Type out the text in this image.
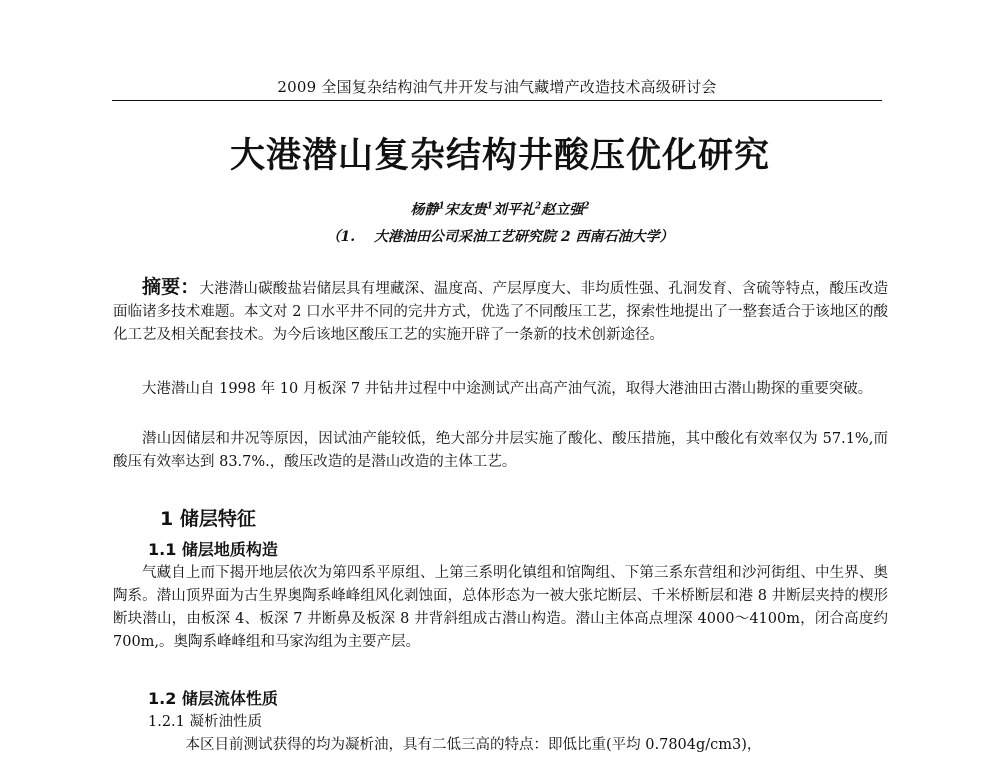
2009 全国复杂结构油气井开发与油气藏增产改造技术高级研讨会
大港潜山复杂结构井酸压优化研究
杨静$^1$宋友贵$^1$刘平礼$^2$赵立强$^2$
（1.　 大港油田公司采油工艺研究院 2 西南石油大学）
摘要：大港潜山碳酸盐岩储层具有埋藏深、温度高、产层厚度大、非均质性强、孔洞发育、含硫等特点，酸压改造面临诸多技术难题。本文对 2 口水平井不同的完井方式，优选了不同酸压工艺，探索性地提出了一整套适合于该地区的酸化工艺及相关配套技术。为今后该地区酸压工艺的实施开辟了一条新的技术创新途径。
大港潜山自 1998 年 10 月板深 7 井钻井过程中中途测试产出高产油气流，取得大港油田古潜山勘探的重要突破。
潜山因储层和井况等原因，因试油产能较低，绝大部分井层实施了酸化、酸压措施，其中酸化有效率仅为 57.1%,而酸压有效率达到 83.7%.，酸压改造的是潜山改造的主体工艺。
1 储层特征
1.1 储层地质构造
气藏自上而下揭开地层依次为第四系平原组、上第三系明化镇组和馆陶组、下第三系东营组和沙河街组、中生界、奥陶系。潜山顶界面为古生界奥陶系峰峰组风化剥蚀面，总体形态为一被大张坨断层、千米桥断层和港 8 井断层夹持的楔形断块潜山，由板深 4、板深 7 井断鼻及板深 8 井背斜组成古潜山构造。潜山主体高点埋深 4000～4100m，闭合高度约 700m,。奥陶系峰峰组和马家沟组为主要产层。
1.2 储层流体性质
1.2.1 凝析油性质
本区目前测试获得的均为凝析油，具有二低三高的特点：即低比重(平均 0.7804g/cm3)，
